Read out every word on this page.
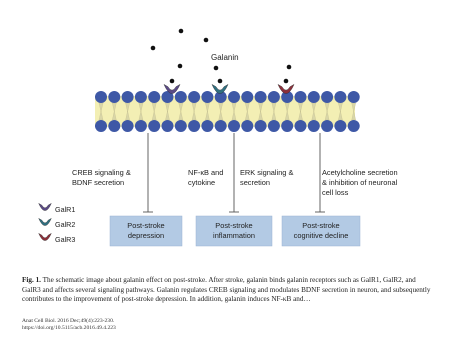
Galanin
CREB signaling & BDNF secretion
NF-κB and cytokine
ERK signaling & secretion
Acetylcholine secretion & inhibition of neuronal cell loss
GalR1
GalR2
GalR3
Post-stroke depression
Post-stroke inflammation
Post-stroke cognitive decline
Fig. 1. The schematic image about galanin effect on post-stroke. After stroke, galanin binds galanin receptors such as GalR1, GalR2, and GalR3 and affects several signaling pathways. Galanin regulates CREB signaling and modulates BDNF secretion in neuron, and subsequently contributes to the improvement of post-stroke depression. In addition, galanin induces NF-κB and…
Anat Cell Biol. 2016 Dec;49(4):223-230.
https://doi.org/10.5115/acb.2016.49.4.223
